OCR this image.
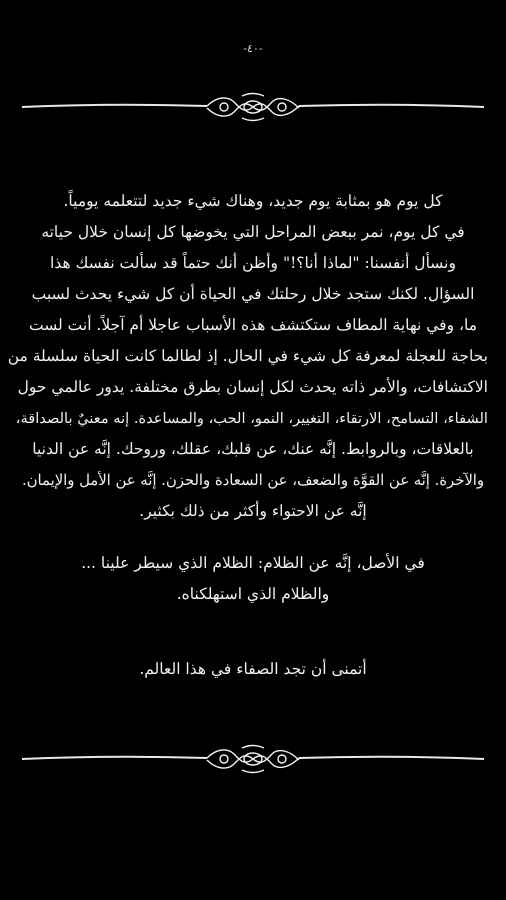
-٤٠-

كل يوم هو بمثابة يوم جديد، وهناك شيء جديد لتتعلمه يومياً.

في كل يوم، نمر ببعض المراحل التي يخوضها كل إنسان خلال حياته

ونسأل أنفسنا: "لماذا أنا؟!" وأظن أنك حتماً قد سألت نفسك هذا

السؤال. لكنك ستجد خلال رحلتك في الحياة أن كل شيء يحدث لسبب

ما، وفي نهاية المطاف ستكتشف هذه الأسباب عاجلا أم آجلاً. أنت لست

بحاجة للعجلة لمعرفة كل شيء في الحال. إذ لطالما كانت الحياة سلسلة من

الاكتشافات، والأمر ذاته يحدث لكل إنسان بطرق مختلفة. يدور عالمي حول

الشفاء، التسامح، الارتقاء، التغيير، النمو، الحب، والمساعدة. إنه معنيٌ بالصداقة،

بالعلاقات، وبالروابط. إنَّه عنك، عن قلبك، عقلك، وروحك. إنَّه عن الدنيا

والآخرة. إنَّه عن القوَّة والضعف، عن السعادة والحزن. إنَّه عن الأمل والإيمان.

إنَّه عن الاحتواء وأكثر من ذلك بكثير.

في الأصل، إنَّه عن الظلام: الظلام الذي سيطر علينا ...

والظلام الذي استهلكناه.

أتمنى أن تجد الصفاء في هذا العالم.
